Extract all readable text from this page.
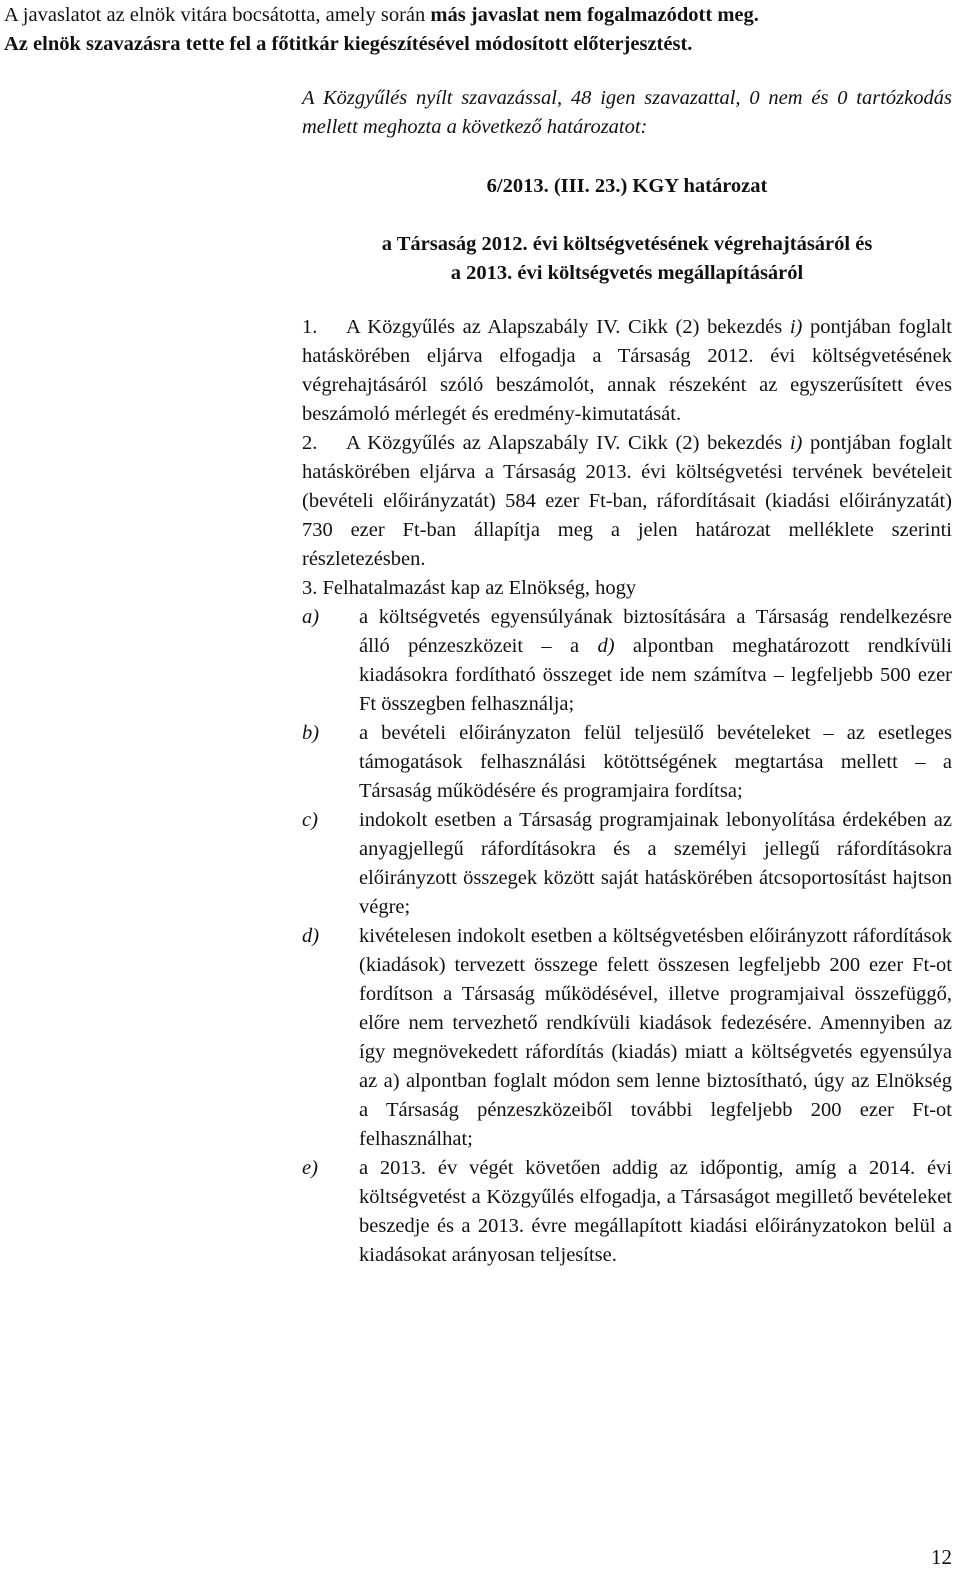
A javaslatot az elnök vitára bocsátotta, amely során más javaslat nem fogalmazódott meg.
Az elnök szavazásra tette fel a főtitkár kiegészítésével módosított előterjesztést.
A Közgyűlés nyílt szavazással, 48 igen szavazattal, 0 nem és 0 tartózkodás mellett meghozta a következő határozatot:
6/2013. (III. 23.) KGY határozat
a Társaság 2012. évi költségvetésének végrehajtásáról és
a 2013. évi költségvetés megállapításáról
1. A Közgyűlés az Alapszabály IV. Cikk (2) bekezdés i) pontjában foglalt hatáskörében eljárva elfogadja a Társaság 2012. évi költségvetésének végrehajtásáról szóló beszámolót, annak részeként az egyszerűsített éves beszámoló mérlegét és eredmény-kimutatását.
2. A Közgyűlés az Alapszabály IV. Cikk (2) bekezdés i) pontjában foglalt hatáskörében eljárva a Társaság 2013. évi költségvetési tervének bevételeit (bevételi előirányzatát) 584 ezer Ft-ban, ráfordításait (kiadási előirányzatát) 730 ezer Ft-ban állapítja meg a jelen határozat melléklete szerinti részletezésben.
3. Felhatalmazást kap az Elnökség, hogy
a)	a költségvetés egyensúlyának biztosítására a Társaság rendelkezésre álló pénzeszközeit – a d) alpontban meghatározott rendkívüli kiadásokra fordítható összeget ide nem számítva – legfeljebb 500 ezer Ft összegben felhasználja;
b)	a bevételi előirányzaton felül teljesülő bevételeket – az esetleges támogatások felhasználási kötöttségének megtartása mellett – a Társaság működésére és programjaira fordítsa;
c)	indokolt esetben a Társaság programjainak lebonyolítása érdekében az anyagjellegű ráfordításokra és a személyi jellegű ráfordításokra előirányzott összegek között saját hatáskörében átcsoportosítást hajtson végre;
d)	kivételesen indokolt esetben a költségvetésben előirányzott ráfordítások (kiadások) tervezett összege felett összesen legfeljebb 200 ezer Ft-ot fordítson a Társaság működésével, illetve programjaival összefüggő, előre nem tervezhető rendkívüli kiadások fedezésére. Amennyiben az így megnövekedett ráfordítás (kiadás) miatt a költségvetés egyensúlya az a) alpontban foglalt módon sem lenne biztosítható, úgy az Elnökség a Társaság pénzeszközeiből további legfeljebb 200 ezer Ft-ot felhasználhat;
e)	a 2013. év végét követően addig az időpontig, amíg a 2014. évi költségvetést a Közgyűlés elfogadja, a Társaságot megillető bevételeket beszedje és a 2013. évre megállapított kiadási előirányzatokon belül a kiadásokat arányosan teljesítse.
12
